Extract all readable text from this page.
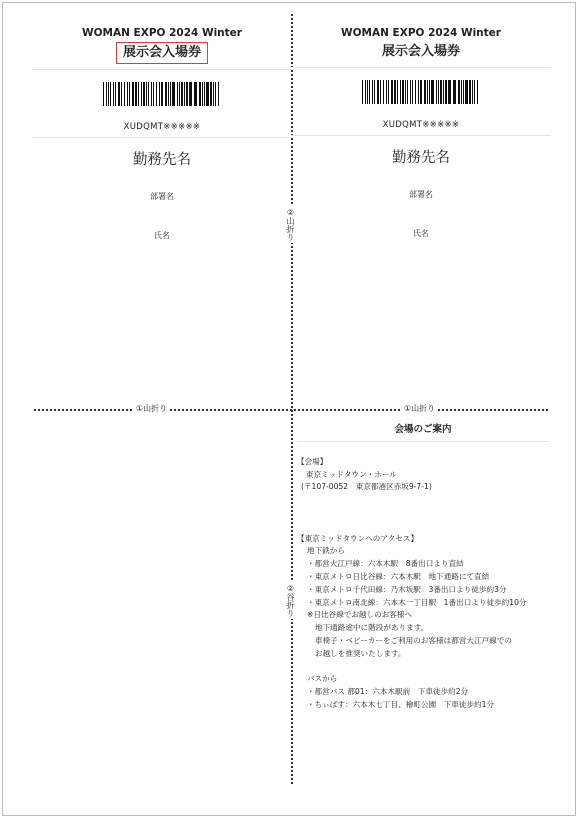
②山折り
②谷折り
①山折り	①山折り
WOMAN EXPO 2024 Winter
展示会入場券
XUDQMT※※※※※
勤務先名
部署名
氏名
WOMAN EXPO 2024 Winter
展示会入場券
XUDQMT※※※※※
勤務先名
部署名
氏名
会場のご案内
【会場】
東京ミッドタウン・ホール
(〒107-0052　東京都港区赤坂9-7-1)
【東京ミッドタウンへのアクセス】
地下鉄から
・都営大江戸線：六本木駅　8番出口より直結
・東京メトロ日比谷線：六本木駅　地下通路にて直結
・東京メトロ千代田線：乃木坂駅　3番出口より徒歩約3分
・東京メトロ南北線：六本木一丁目駅　1番出口より徒歩約10分
※日比谷線でお越しのお客様へ
地下通路途中に階段があります。
車椅子・ベビーカーをご利用のお客様は都営大江戸線での
お越しを推奨いたします。
バスから
・都営バス 都01：六本木駅前　下車徒歩約2分
・ちぃばす：六本木七丁目、檜町公園　下車徒歩約1分
